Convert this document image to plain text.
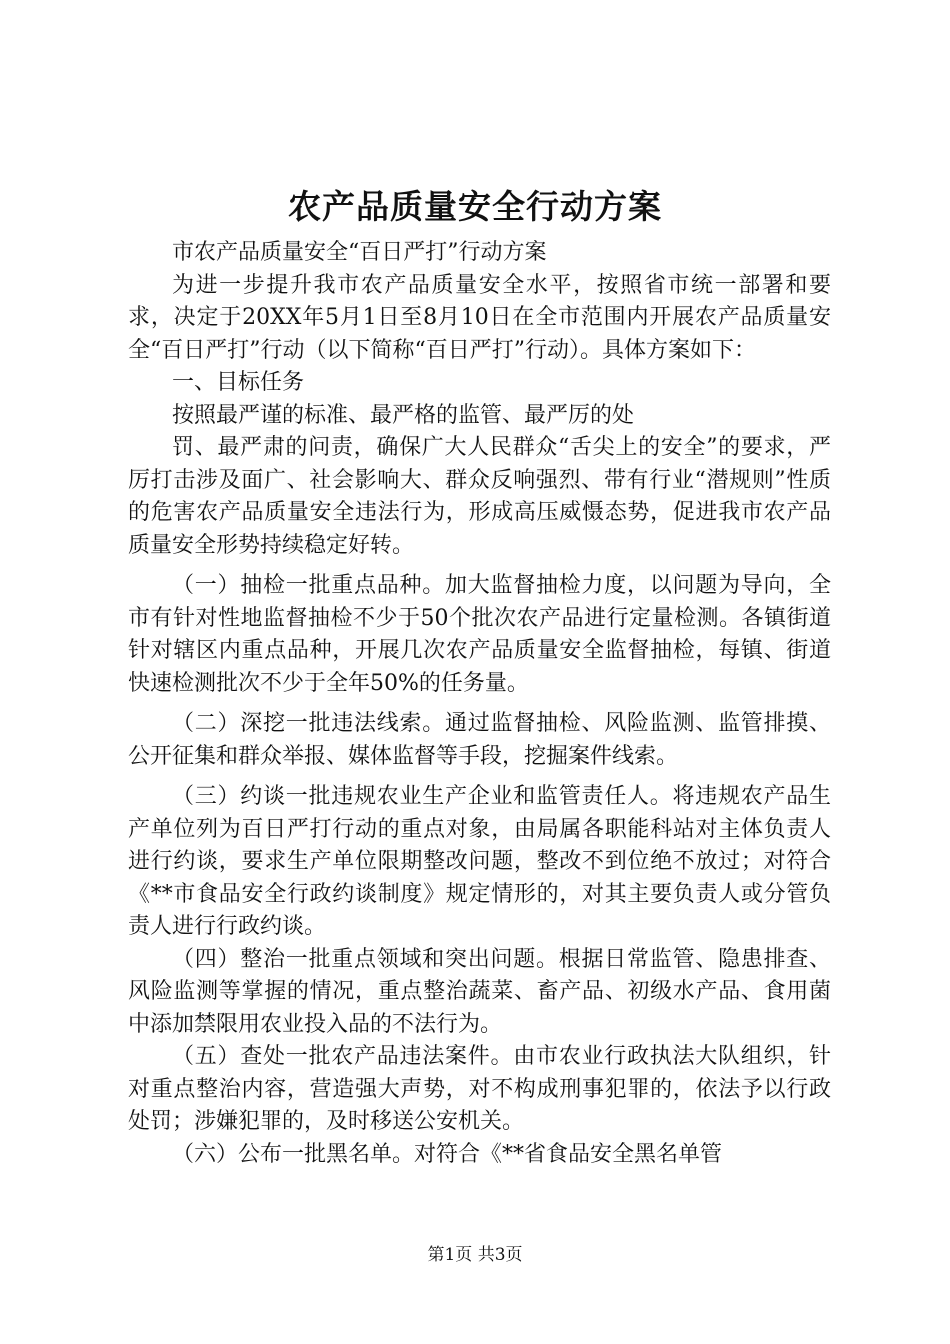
农产品质量安全行动方案

市农产品质量安全“百日严打”行动方案

为进一步提升我市农产品质量安全水平，按照省市统一部署和要求，决定于20XX年5月1日至8月10日在全市范围内开展农产品质量安全“百日严打”行动（以下简称“百日严打”行动）。具体方案如下：

一、目标任务

按照最严谨的标准、最严格的监管、最严厉的处

罚、最严肃的问责，确保广大人民群众“舌尖上的安全”的要求，严厉打击涉及面广、社会影响大、群众反响强烈、带有行业“潜规则”性质的危害农产品质量安全违法行为，形成高压威慑态势，促进我市农产品质量安全形势持续稳定好转。

（一）抽检一批重点品种。加大监督抽检力度，以问题为导向，全市有针对性地监督抽检不少于50个批次农产品进行定量检测。各镇街道针对辖区内重点品种，开展几次农产品质量安全监督抽检，每镇、街道快速检测批次不少于全年50%的任务量。

（二）深挖一批违法线索。通过监督抽检、风险监测、监管排摸、公开征集和群众举报、媒体监督等手段，挖掘案件线索。

（三）约谈一批违规农业生产企业和监管责任人。将违规农产品生产单位列为百日严打行动的重点对象，由局属各职能科站对主体负责人进行约谈，要求生产单位限期整改问题，整改不到位绝不放过；对符合《**市食品安全行政约谈制度》规定情形的，对其主要负责人或分管负责人进行行政约谈。

（四）整治一批重点领域和突出问题。根据日常监管、隐患排查、风险监测等掌握的情况，重点整治蔬菜、畜产品、初级水产品、食用菌中添加禁限用农业投入品的不法行为。

（五）查处一批农产品违法案件。由市农业行政执法大队组织，针对重点整治内容，营造强大声势，对不构成刑事犯罪的，依法予以行政处罚；涉嫌犯罪的，及时移送公安机关。

（六）公布一批黑名单。对符合《**省食品安全黑名单管

第1页 共3页
